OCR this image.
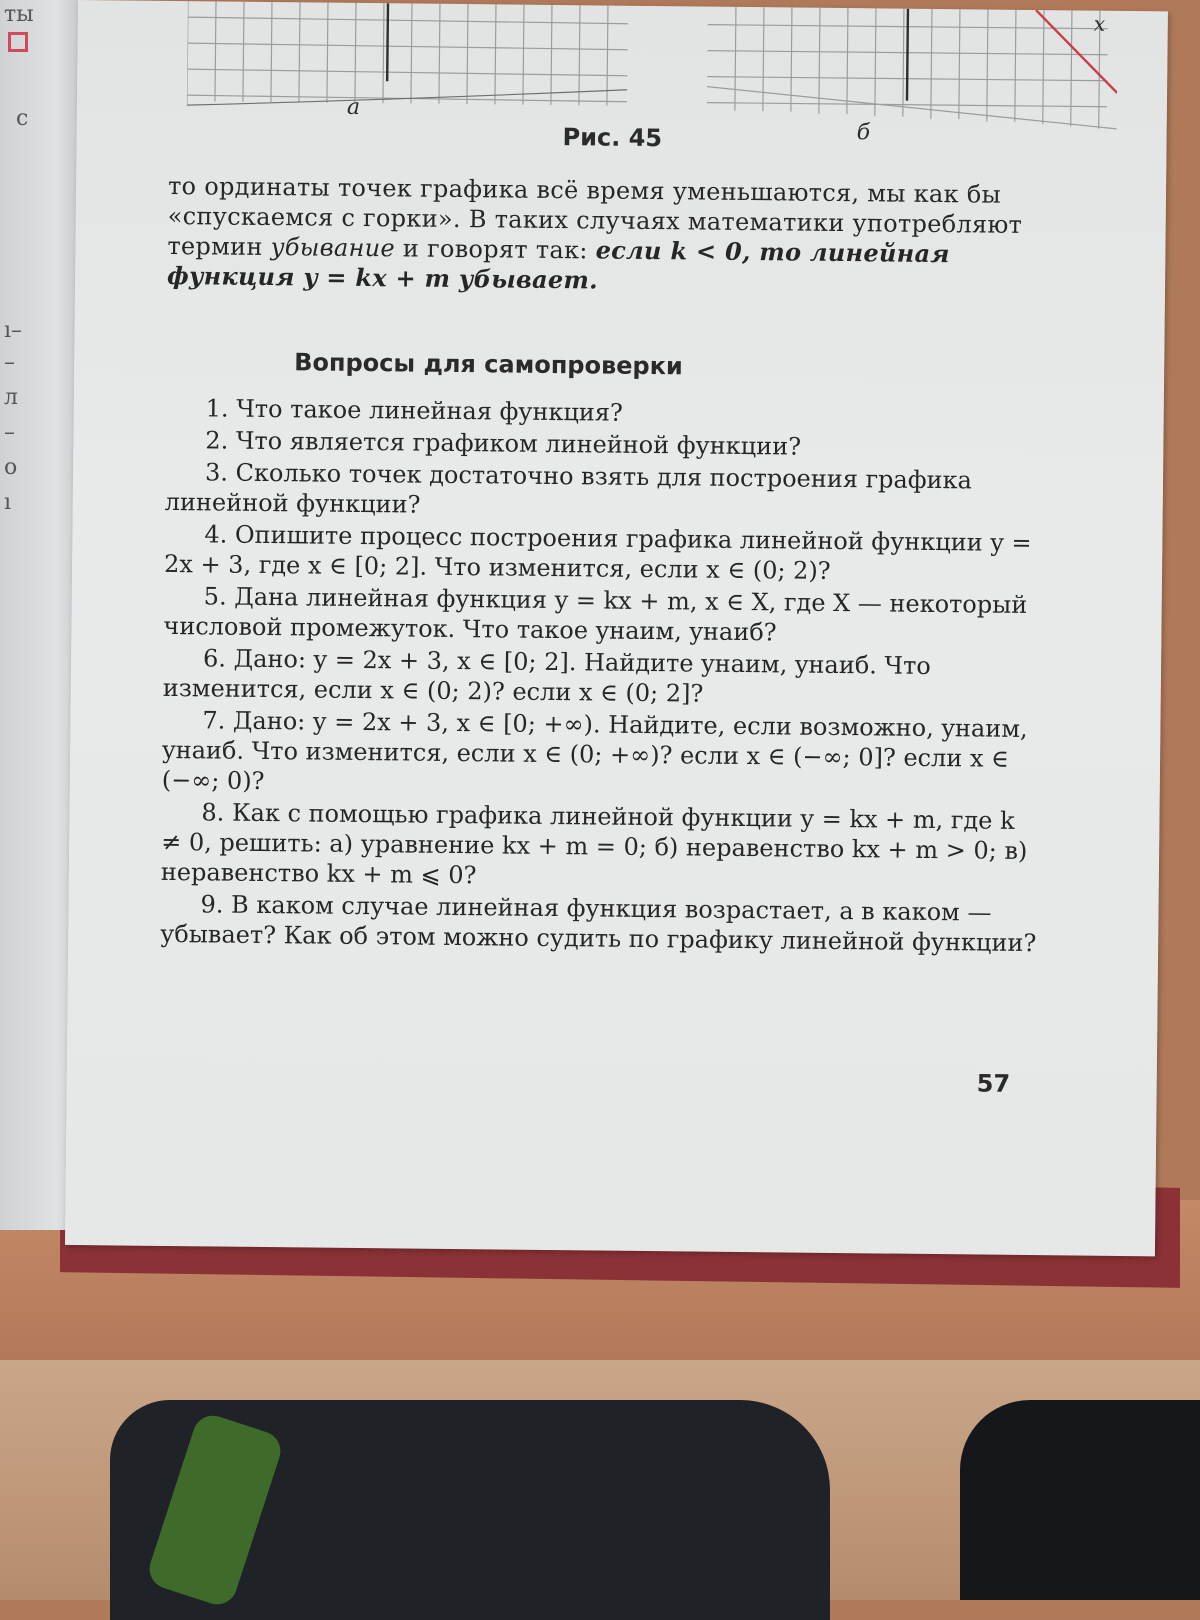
ты
с
ı–
–
л
–
о
ı
x
а
Рис. 45	б
то ординаты точек графика всё время уменьшаются, мы как бы «спускаемся с горки». В таких случаях математики употребляют термин убывание и говорят так: если k < 0, то линейная функция y = kx + m убывает.
Вопросы для самопроверки
1. Что такое линейная функция?
2. Что является графиком линейной функции?
3. Сколько точек достаточно взять для построения графика линейной функции?
4. Опишите процесс построения графика линейной функции y = 2x + 3, где x ∈ [0; 2]. Что изменится, если x ∈ (0; 2)?
5. Дана линейная функция y = kx + m, x ∈ X, где X — некоторый числовой промежуток. Что такое yнаим, yнаиб?
6. Дано: y = 2x + 3, x ∈ [0; 2]. Найдите yнаим, yнаиб. Что изменится, если x ∈ (0; 2)? если x ∈ (0; 2]?
7. Дано: y = 2x + 3, x ∈ [0; +∞). Найдите, если возможно, yнаим, yнаиб. Что изменится, если x ∈ (0; +∞)? если x ∈ (−∞; 0]? если x ∈ (−∞; 0)?
8. Как с помощью графика линейной функции y = kx + m, где k ≠ 0, решить: а) уравнение kx + m = 0; б) неравенство kx + m > 0; в) неравенство kx + m ⩽ 0?
9. В каком случае линейная функция возрастает, а в каком — убывает? Как об этом можно судить по графику линейной функции?
57
